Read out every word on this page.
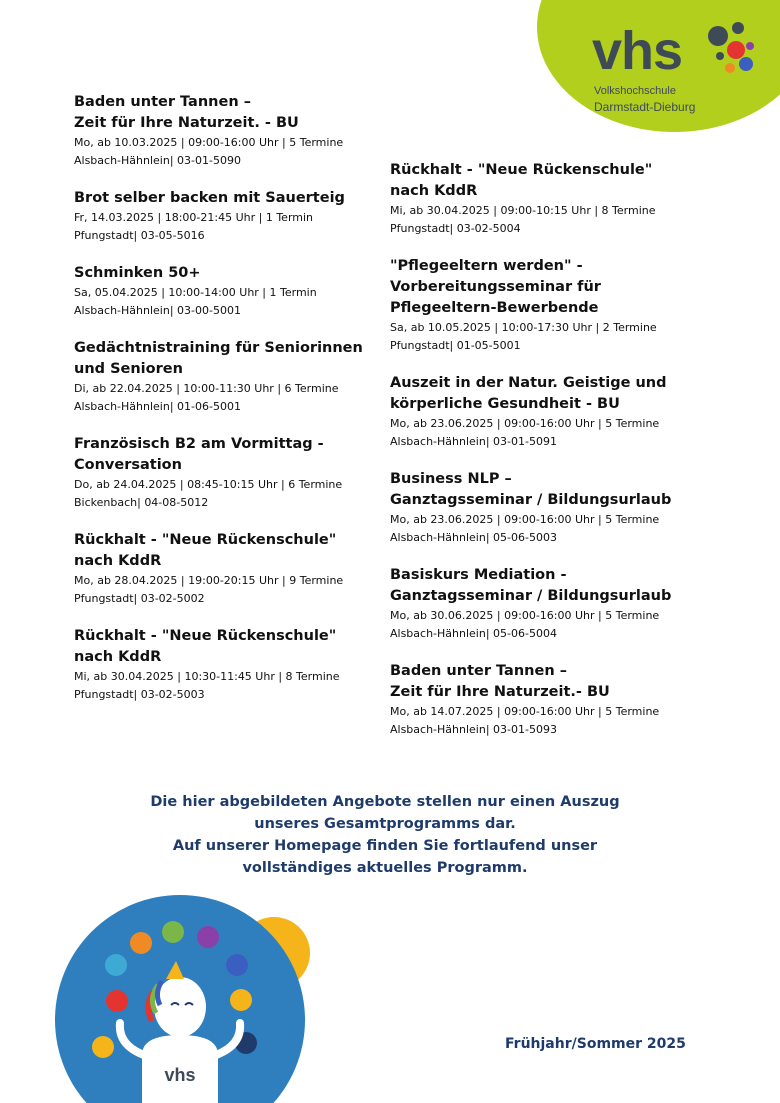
vhs
Volkshochschule
Darmstadt-Dieburg
Baden unter Tannen –
Zeit für Ihre Naturzeit. - BU
Mo, ab 10.03.2025 | 09:00-16:00 Uhr | 5 Termine
Alsbach-Hähnlein| 03-01-5090
Brot selber backen mit Sauerteig
Fr, 14.03.2025 | 18:00-21:45 Uhr | 1 Termin
Pfungstadt| 03-05-5016
Schminken 50+
Sa, 05.04.2025 | 10:00-14:00 Uhr | 1 Termin
Alsbach-Hähnlein| 03-00-5001
Gedächtnistraining für Seniorinnen
und Senioren
Di, ab 22.04.2025 | 10:00-11:30 Uhr | 6 Termine
Alsbach-Hähnlein| 01-06-5001
Französisch B2 am Vormittag -
Conversation
Do, ab 24.04.2025 | 08:45-10:15 Uhr | 6 Termine
Bickenbach| 04-08-5012
Rückhalt - "Neue Rückenschule"
nach KddR
Mo, ab 28.04.2025 | 19:00-20:15 Uhr | 9 Termine
Pfungstadt| 03-02-5002
Rückhalt - "Neue Rückenschule"
nach KddR
Mi, ab 30.04.2025 | 10:30-11:45 Uhr | 8 Termine
Pfungstadt| 03-02-5003
Rückhalt - "Neue Rückenschule"
nach KddR
Mi, ab 30.04.2025 | 09:00-10:15 Uhr | 8 Termine
Pfungstadt| 03-02-5004
"Pflegeeltern werden" -
Vorbereitungsseminar für
Pflegeeltern-Bewerbende
Sa, ab 10.05.2025 | 10:00-17:30 Uhr | 2 Termine
Pfungstadt| 01-05-5001
Auszeit in der Natur. Geistige und
körperliche Gesundheit - BU
Mo, ab 23.06.2025 | 09:00-16:00 Uhr | 5 Termine
Alsbach-Hähnlein| 03-01-5091
Business NLP –
Ganztagsseminar / Bildungsurlaub
Mo, ab 23.06.2025 | 09:00-16:00 Uhr | 5 Termine
Alsbach-Hähnlein| 05-06-5003
Basiskurs Mediation -
Ganztagsseminar / Bildungsurlaub
Mo, ab 30.06.2025 | 09:00-16:00 Uhr | 5 Termine
Alsbach-Hähnlein| 05-06-5004
Baden unter Tannen –
Zeit für Ihre Naturzeit.- BU
Mo, ab 14.07.2025 | 09:00-16:00 Uhr | 5 Termine
Alsbach-Hähnlein| 03-01-5093
Die hier abgebildeten Angebote stellen nur einen Auszug
unseres Gesamtprogramms dar.
Auf unserer Homepage finden Sie fortlaufend unser
vollständiges aktuelles Programm.
vhs
Frühjahr/Sommer 2025
